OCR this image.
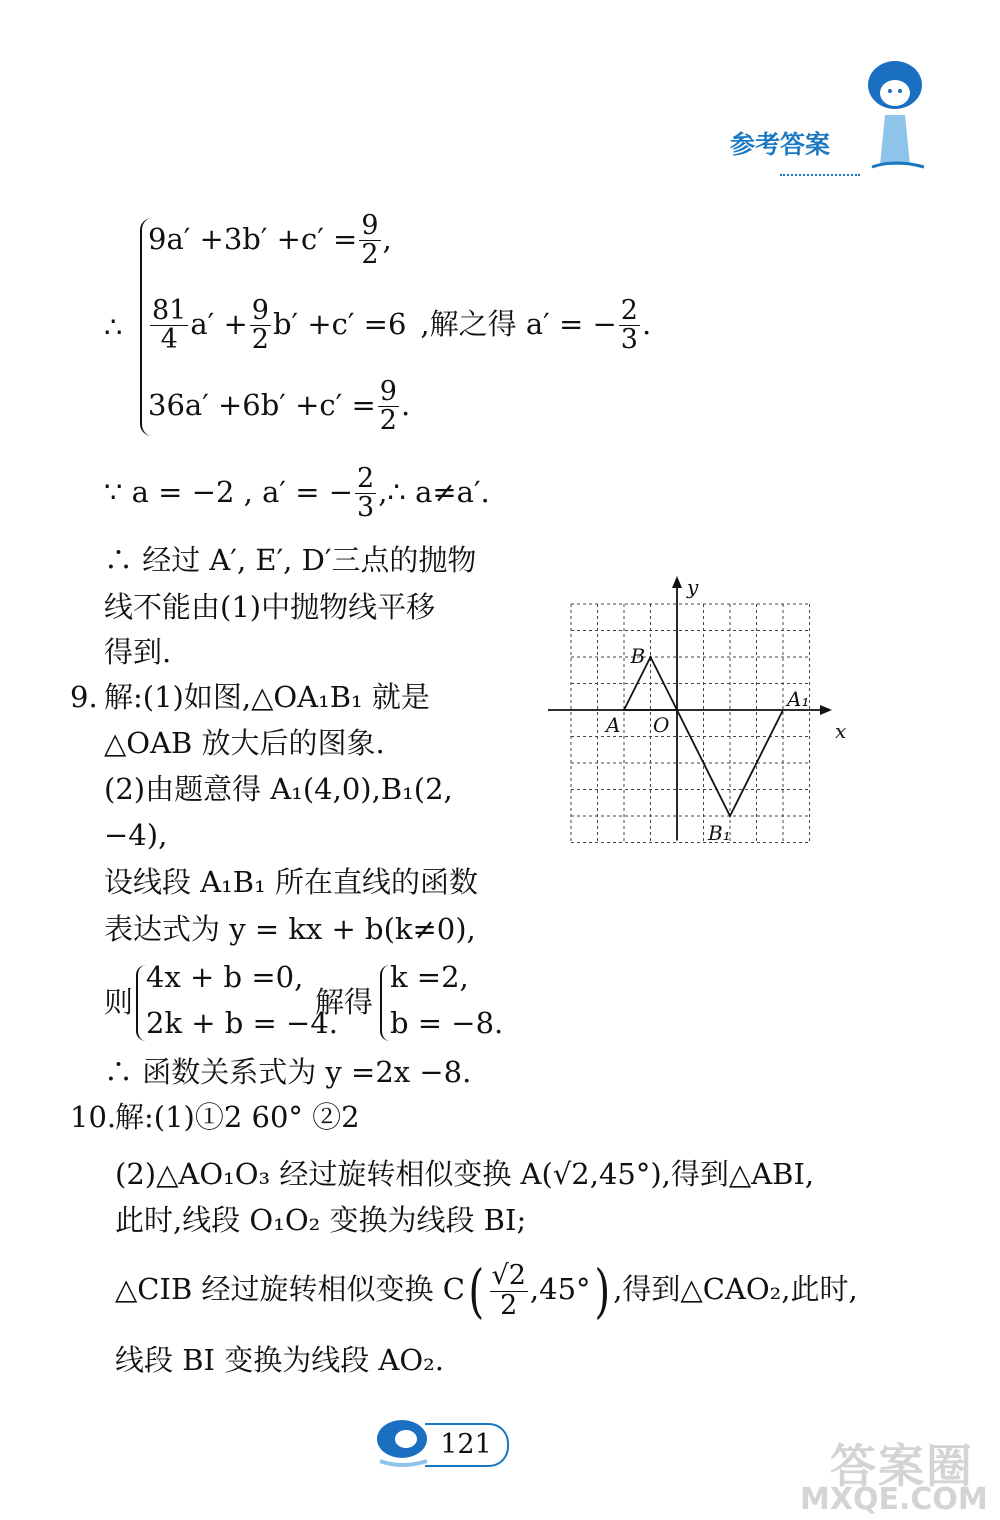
参考答案
∴
$9a' +3b' +c' = \frac{9}{2}$ ,
$\frac{81}{4} a' + \frac{9}{2} b' +c' =6$ ,解之得 a′ = − $\frac{2}{3}$ .
$36a' +6b' +c' = \frac{9}{2}$ .
∵ a = −2 , a′ = − $\frac{2}{3}$ ,∴ a≠a′.
∴ 经过 A′, E′, D′三点的抛物
线不能由(1)中抛物线平移
得到.
9. 解:(1)如图,△OA₁B₁ 就是
△OAB 放大后的图象.
(2)由题意得 A₁(4,0),B₁(2,
−4),
设线段 A₁B₁ 所在直线的函数
表达式为 y = kx + b(k≠0),
则
4x + b =0,
2k + b = −4.
解得
k =2,
b = −8.
∴ 函数关系式为 y =2x −8.
y
x
O
A
B
A₁
B₁
10.
解:(1)①2 60° ②2
(2)△AO₁O₃ 经过旋转相似变换 A(√2,45°),得到△ABI,
此时,线段 O₁O₂ 变换为线段 BI;
△CIB 经过旋转相似变换 $C( \frac{√2}{2} ,45^\circ)$ ,得到△CAO₂,此时,
线段 BI 变换为线段 AO₂.
121	答案圈
MXQE.COM
